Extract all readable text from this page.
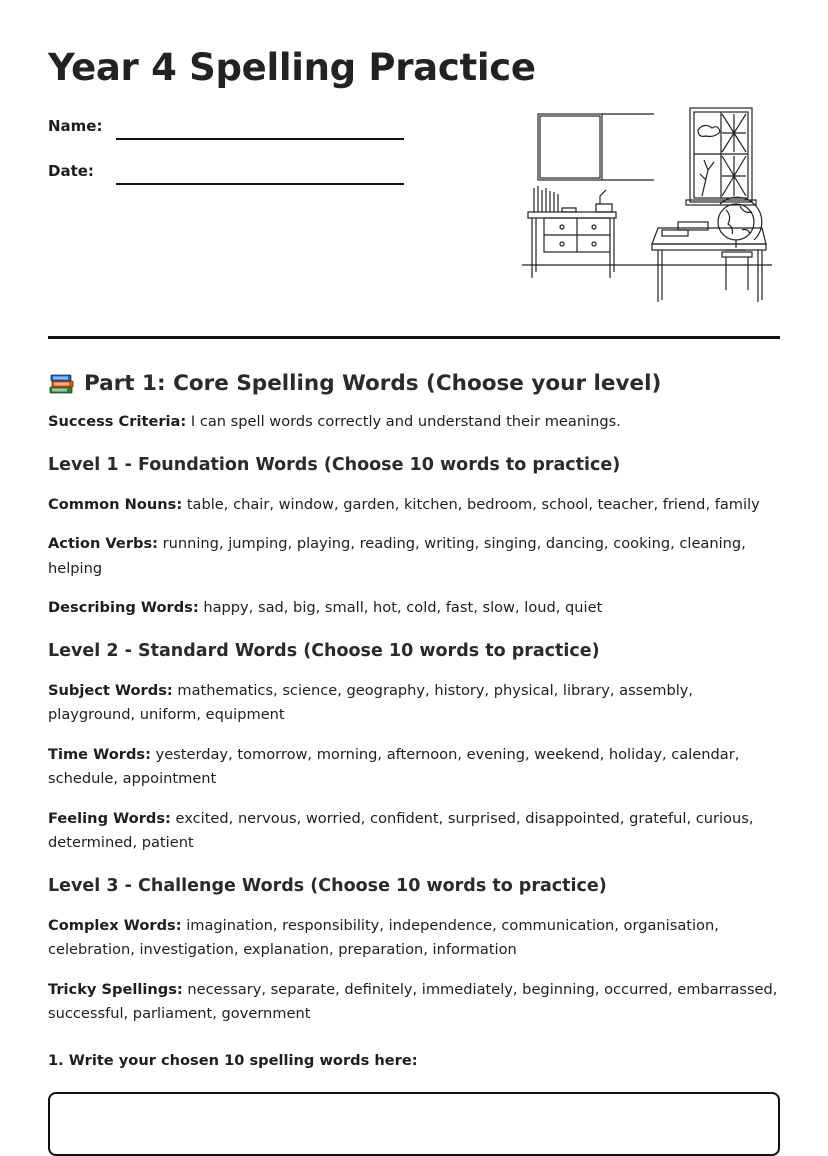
Year 4 Spelling Practice
Name:
Date:
Part 1: Core Spelling Words (Choose your level)

Success Criteria: I can spell words correctly and understand their meanings.

Level 1 - Foundation Words (Choose 10 words to practice)

Common Nouns: table, chair, window, garden, kitchen, bedroom, school, teacher, friend, family

Action Verbs: running, jumping, playing, reading, writing, singing, dancing, cooking, cleaning, helping

Describing Words: happy, sad, big, small, hot, cold, fast, slow, loud, quiet

Level 2 - Standard Words (Choose 10 words to practice)

Subject Words: mathematics, science, geography, history, physical, library, assembly, playground, uniform, equipment

Time Words: yesterday, tomorrow, morning, afternoon, evening, weekend, holiday, calendar, schedule, appointment

Feeling Words: excited, nervous, worried, confident, surprised, disappointed, grateful, curious, determined, patient

Level 3 - Challenge Words (Choose 10 words to practice)

Complex Words: imagination, responsibility, independence, communication, organisation, celebration, investigation, explanation, preparation, information

Tricky Spellings: necessary, separate, definitely, immediately, beginning, occurred, embarrassed, successful, parliament, government

1. Write your chosen 10 spelling words here:
